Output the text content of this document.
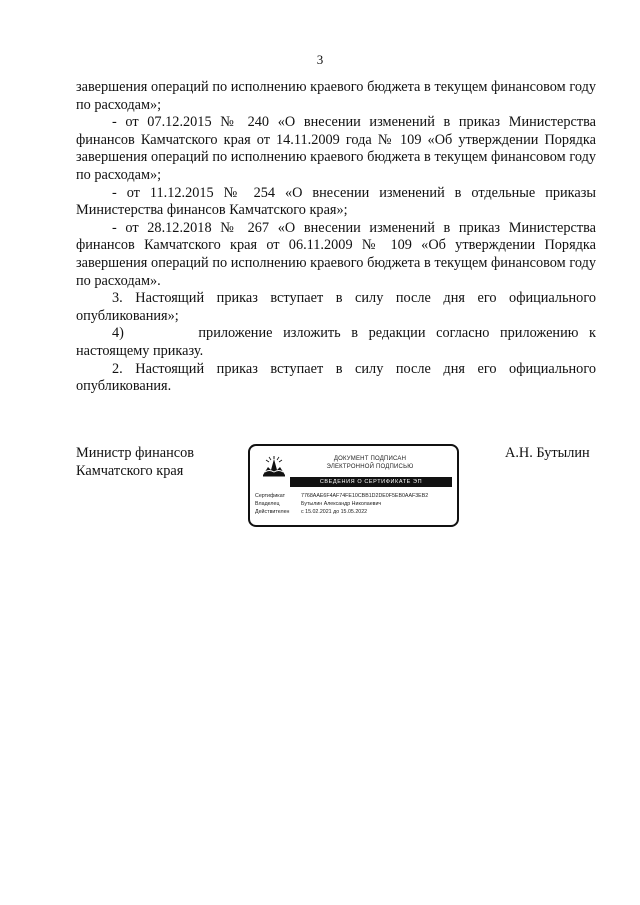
3

завершения операций по исполнению краевого бюджета в текущем финансовом году по расходам»;

- от 07.12.2015 № 240 «О внесении изменений в приказ Министерства финансов Камчатского края от 14.11.2009 года № 109 «Об утверждении Порядка завершения операций по исполнению краевого бюджета в текущем финансовом году по расходам»;

- от 11.12.2015 № 254 «О внесении изменений в отдельные приказы Министерства финансов Камчатского края»;

- от 28.12.2018 № 267 «О внесении изменений в приказ Министерства финансов Камчатского края от 06.11.2009 № 109 «Об утверждении Порядка завершения операций по исполнению краевого бюджета в текущем финансовом году по расходам».

3. Настоящий приказ вступает в силу после дня его официального опубликования»;

4)       приложение изложить в редакции согласно приложению к

настоящему приказу.

2. Настоящий приказ вступает в силу после дня его официального опубликования.

Министр финансов
Камчатского края
А.Н. Бутылин
ДОКУМЕНТ ПОДПИСАН
ЭЛЕКТРОННОЙ ПОДПИСЬЮ
СВЕДЕНИЯ О СЕРТИФИКАТЕ ЭП
Сертификат	7768AAE6F4AF74FE10CBB1D2DE0F5EB0AAF3EB2
Владелец	Бутылин Александр Николаевич
Действителен	с 15.02.2021 до 15.05.2022
